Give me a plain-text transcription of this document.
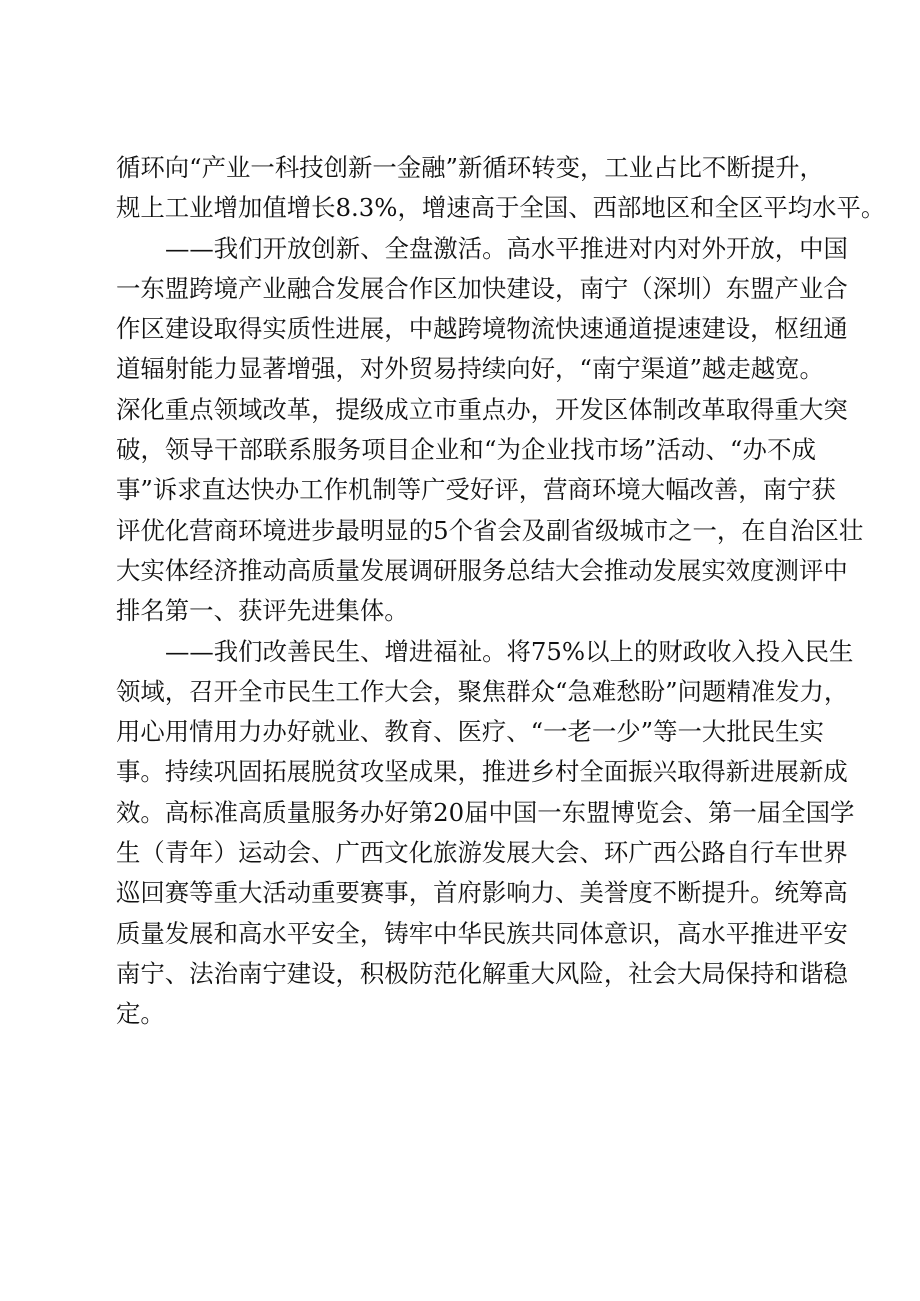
循环向“产业一科技创新一金融”新循环转变，工业占比不断提升，
规上工业增加值增长8.3%，增速高于全国、西部地区和全区平均水平。
——我们开放创新、全盘激活。高水平推进对内对外开放，中国
一东盟跨境产业融合发展合作区加快建设，南宁（深圳）东盟产业合
作区建设取得实质性进展，中越跨境物流快速通道提速建设，枢纽通
道辐射能力显著增强，对外贸易持续向好，“南宁渠道”越走越宽。
深化重点领域改革，提级成立市重点办，开发区体制改革取得重大突
破，领导干部联系服务项目企业和“为企业找市场”活动、“办不成
事”诉求直达快办工作机制等广受好评，营商环境大幅改善，南宁获
评优化营商环境进步最明显的5个省会及副省级城市之一，在自治区壮
大实体经济推动高质量发展调研服务总结大会推动发展实效度测评中
排名第一、获评先进集体。
——我们改善民生、增进福祉。将75%以上的财政收入投入民生
领域，召开全市民生工作大会，聚焦群众“急难愁盼”问题精准发力，
用心用情用力办好就业、教育、医疗、“一老一少”等一大批民生实
事。持续巩固拓展脱贫攻坚成果，推进乡村全面振兴取得新进展新成
效。高标准高质量服务办好第20届中国一东盟博览会、第一届全国学
生（青年）运动会、广西文化旅游发展大会、环广西公路自行车世界
巡回赛等重大活动重要赛事，首府影响力、美誉度不断提升。统筹高
质量发展和高水平安全，铸牢中华民族共同体意识，高水平推进平安
南宁、法治南宁建设，积极防范化解重大风险，社会大局保持和谐稳
定。
